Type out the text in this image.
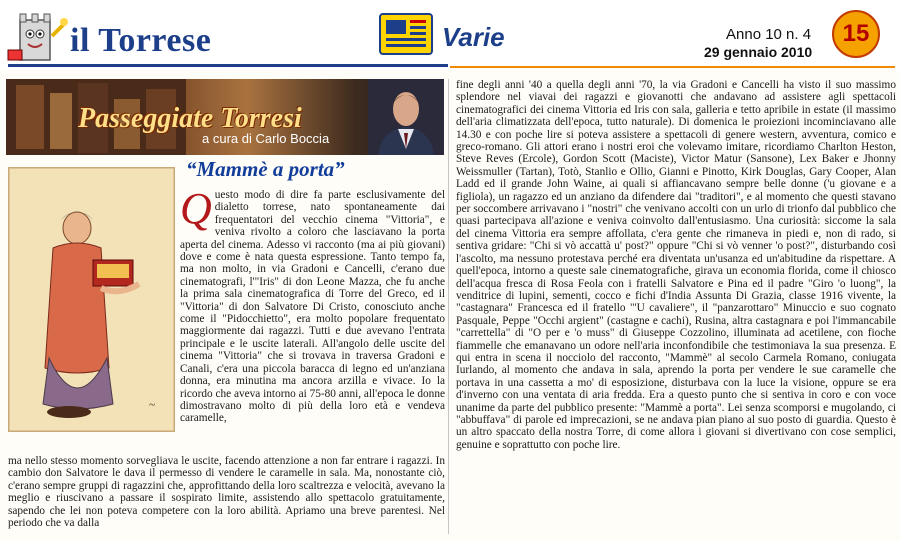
il Torrese	Varie	Anno 10 n. 4
29 gennaio 2010
15
Passeggiate Torresi
a cura di Carlo Boccia
~
“Mammè a porta”

Questo modo di dire fa parte esclusivamente del dialetto torrese, nato spontaneamente dai frequentatori del vecchio cinema "Vittoria", e veniva rivolto a coloro che lasciavano la porta aperta del cinema. Adesso vi racconto (ma ai più giovani) dove e come è nata questa espressione. Tanto tempo fa, ma non molto, in via Gradoni e Cancelli, c'erano due cinematografi, l'"Iris" di don Leone Mazza, che fu anche la prima sala cinematografica di Torre del Greco, ed il "Vittoria" di don Salvatore Di Cristo, conosciuto anche come il "Pidocchietto", era molto popolare frequentato maggiormente dai ragazzi. Tutti e due avevano l'entrata principale e le uscite laterali. All'angolo delle uscite del cinema "Vittoria" che si trovava in traversa Gradoni e Canali, c'era una piccola baracca di legno ed un'anziana donna, era minutina ma ancora arzilla e vivace. Io la ricordo che aveva intorno ai 75-80 anni, all'epoca le donne dimostravano molto di più della loro età e vendeva caramelle,

ma nello stesso momento sorvegliava le uscite, facendo attenzione a non far entrare i ragazzi. In cambio don Salvatore le dava il permesso di vendere le caramelle in sala. Ma, nonostante ciò, c'erano sempre gruppi di ragazzini che, approfittando della loro scaltrezza e velocità, avevano la meglio e riuscivano a passare il sospirato limite, assistendo allo spettacolo gratuitamente, sapendo che lei non poteva competere con la loro abilità. Apriamo una breve parentesi. Nel periodo che va dalla

fine degli anni '40 a quella degli anni '70, la via Gradoni e Cancelli ha visto il suo massimo splendore nel viavai dei ragazzi e giovanotti che andavano ad assistere agli spettacoli cinematografici dei cinema Vittoria ed Iris con sala, galleria e tetto apribile in estate (il massimo dell'aria climatizzata dell'epoca, tutto naturale). Di domenica le proiezioni incominciavano alle 14.30 e con poche lire si poteva assistere a spettacoli di genere western, avventura, comico e greco-romano. Gli attori erano i nostri eroi che volevamo imitare, ricordiamo Charlton Heston, Steve Reves (Ercole), Gordon Scott (Maciste), Victor Matur (Sansone), Lex Baker e Jhonny Weissmuller (Tartan), Totò, Stanlio e Ollio, Gianni e Pinotto, Kirk Douglas, Gary Cooper, Alan Ladd ed il grande John Waine, ai quali si affiancavano sempre belle donne ('u giovane e a figliola), un ragazzo ed un anziano da difendere dai "traditori", e al momento che questi stavano per soccombere arrivavano i "nostri" che venivano accolti con un urlo di trionfo dal pubblico che quasi partecipava all'azione e veniva coinvolto dall'entusiasmo. Una curiosità: siccome la sala del cinema Vittoria era sempre affollata, c'era gente che rimaneva in piedi e, non di rado, si sentiva gridare: "Chi si vò accattà u' post?" oppure "Chi si vò venner 'o post?", disturbando così l'ascolto, ma nessuno protestava perché era diventata un'usanza ed un'abitudine da rispettare. A quell'epoca, intorno a queste sale cinematografiche, girava un economia florida, come il chiosco dell'acqua fresca di Rosa Feola con i fratelli Salvatore e Pina ed il padre "Giro 'o luong", la venditrice di lupini, sementi, cocco e fichi d'India Assunta Di Grazia, classe 1916 vivente, la "castagnara" Francesca ed il fratello "'U cavaliere", il "panzarottaro" Minuccio e suo cognato Pasquale, Peppe "Occhi argient" (castagne e cachi), Rusina, altra castagnara e poi l'immancabile "carrettella" di "O per e 'o muss" di Giuseppe Cozzolino, illuminata ad acetilene, con fioche fiammelle che emanavano un odore nell'aria inconfondibile che testimoniava la sua presenza. E qui entra in scena il nocciolo del racconto, "Mammè" al secolo Carmela Romano, coniugata Iurlando, al momento che andava in sala, aprendo la porta per vendere le sue caramelle che portava in una cassetta a mo' di esposizione, disturbava con la luce la visione, oppure se era d'inverno con una ventata di aria fredda. Era a questo punto che si sentiva in coro e con voce unanime da parte del pubblico presente: "Mammè a porta". Lei senza scomporsi e mugolando, ci "abbuffava" di parole ed imprecazioni, se ne andava pian piano al suo posto di guardia. Questo è un altro spaccato della nostra Torre, di come allora i giovani si divertivano con cose semplici, genuine e soprattutto con poche lire.
